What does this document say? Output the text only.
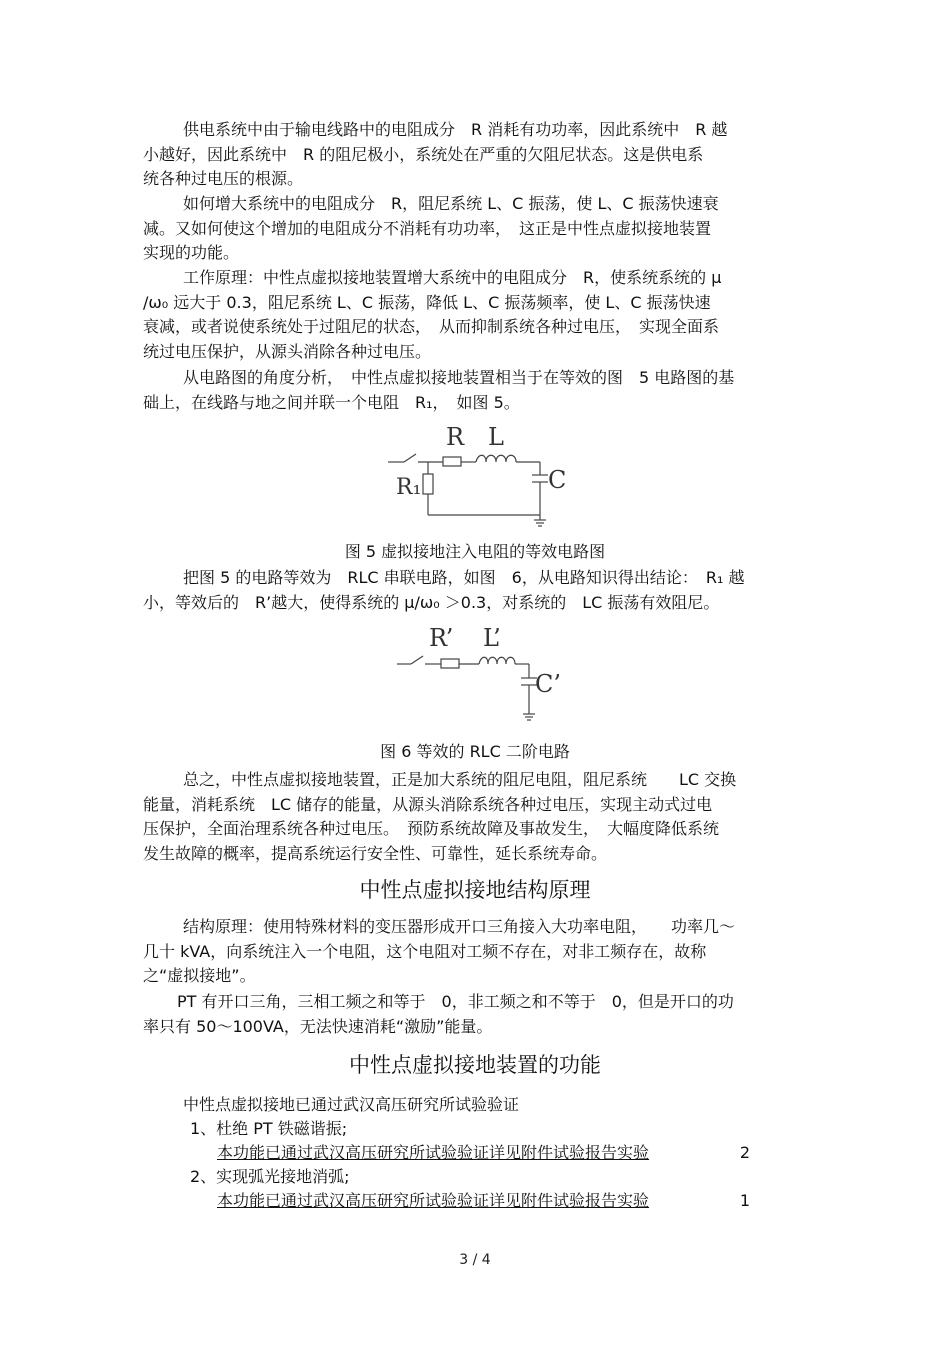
供电系统中由于输电线路中的电阻成分　R 消耗有功功率，因此系统中　R 越
小越好，因此系统中　R 的阻尼极小，系统处在严重的欠阻尼状态。这是供电系
统各种过电压的根源。
如何增大系统中的电阻成分　R，阻尼系统 L、C 振荡，使 L、C 振荡快速衰
减。又如何使这个增加的电阻成分不消耗有功功率，　这正是中性点虚拟接地装置
实现的功能。
工作原理：中性点虚拟接地装置增大系统中的电阻成分　R，使系统系统的 μ
/ω₀ 远大于 0.3，阻尼系统 L、C 振荡，降低 L、C 振荡频率，使 L、C 振荡快速
衰减，或者说使系统处于过阻尼的状态，　从而抑制系统各种过电压，　实现全面系
统过电压保护，从源头消除各种过电压。
从电路图的角度分析，　中性点虚拟接地装置相当于在等效的图　5 电路图的基
础上，在线路与地之间并联一个电阻　R₁，　如图 5。
R L
R₁	C
图 5 虚拟接地注入电阻的等效电路图
把图 5 的电路等效为　RLC 串联电路，如图　6，从电路知识得出结论：　R₁ 越
小，等效后的　R’越大，使得系统的 μ/ω₀ ＞0.3，对系统的　LC 振荡有效阻尼。
R’ L’
C’
图 6 等效的 RLC 二阶电路
总之，中性点虚拟接地装置，正是加大系统的阻尼电阻，阻尼系统　　LC 交换
能量，消耗系统　LC 储存的能量，从源头消除系统各种过电压，实现主动式过电
压保护，全面治理系统各种过电压。　预防系统故障及事故发生，　大幅度降低系统
发生故障的概率，提高系统运行安全性、可靠性，延长系统寿命。
中性点虚拟接地结构原理
结构原理：使用特殊材料的变压器形成开口三角接入大功率电阻，　　功率几～
几十 kVA，向系统注入一个电阻，这个电阻对工频不存在，对非工频存在，故称
之“虚拟接地”。
PT 有开口三角，三相工频之和等于　0，非工频之和不等于　0，但是开口的功
率只有 50～100VA，无法快速消耗“激励”能量。
中性点虚拟接地装置的功能
中性点虚拟接地已通过武汉高压研究所试验验证
1、杜绝 PT 铁磁谐振;
本功能已通过武汉高压研究所试验验证详见附件试验报告实验	2
2、实现弧光接地消弧;
本功能已通过武汉高压研究所试验验证详见附件试验报告实验	1
3 / 4
